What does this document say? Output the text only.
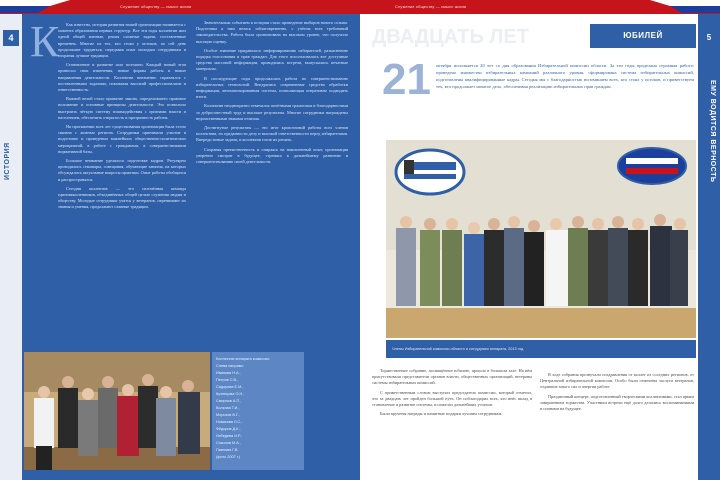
Служение обществу — смысл жизни	Служение обществу — смысл жизни
4
ИСТОРИЯ
К	Как известно, история развития нашей организации начинается с момента образования первых структур. Все эти годы коллектив жил одной общей жизнью, решая сложные задачи, поставленные временем. Многие из тех, кто стоял у истоков, по сей день продолжают трудиться, передавая опыт молодым сотрудникам и сохраняя лучшие традиции.

Становление и развитие шло поэтапно. Каждый новый этап приносил свои изменения, новые формы работы и новые направления деятельности. Коллектив неизменно справлялся с поставленными задачами, показывая высокий профессионализм и ответственность.

Важной вехой стало принятие закона, определившего правовое положение и основные принципы деятельности. Это позволило выстроить чёткую систему взаимодействия с органами власти и населением, обеспечить открытость и прозрачность работы.

На протяжении всех лет существования организация была тесно связана с жизнью региона. Сотрудники принимали участие в подготовке и проведении важнейших общественно-политических мероприятий, в работе с гражданами, в совершенствовании нормативной базы.

Большое внимание уделялось подготовке кадров. Регулярно проводились семинары, совещания, обучающие занятия, на которых обсуждались актуальные вопросы практики. Опыт работы обобщался и распространялся.

Сегодня коллектив — это сплочённая команда единомышленников, объединённых общей целью служения людям и обществу. Молодые сотрудники учатся у ветеранов, перенимают их знания и умения, продолжают славные традиции.

Значительным событием в истории стало проведение выборов нового созыва. Подготовка к ним велась заблаговременно, с учётом всех требований законодательства. Работа была организована на высоком уровне, что получило высокую оценку.

Особое значение придавалось информированию избирателей, разъяснению порядка голосования и прав граждан. Для этого использовались все доступные средства массовой информации, проводились встречи, выпускались печатные материалы.

В последующие годы продолжалась работа по совершенствованию избирательных технологий. Внедрялись современные средства обработки информации, автоматизированная система, позволяющая оперативно подводить итоги.

Коллектив неоднократно отмечался почётными грамотами и благодарностями за добросовестный труд и высокие результаты. Многие сотрудники награждены ведомственными знаками отличия.

Достигнутые результаты — это итог кропотливой работы всех членов коллектива, их преданности делу и высокой ответственности перед избирателями. Впереди новые задачи, и коллектив готов их решать.

Сохраняя преемственность и опираясь на накопленный опыт, организация уверенно смотрит в будущее, стремясь к дальнейшему развитию и совершенствованию своей деятельности.

Коллектив аппарата комиссии
Слева направо:
Иванова Н.А.,
Петров С.В.,
Сидорова Е.М.,
Кузнецова О.Н.,
Смирнов А.П.,
Волкова Т.И.,
Морозов В.Г.,
Новикова Л.С.,
Фёдоров Д.К.,
Лебедева И.Р.,
Соколов М.А.,
Павлова Г.В.
(фото 2007 г.)
5
ЕМУ ВОДИТСЯ ВЕРНОСТЬ
ЮБИЛЕЙ
ДВАДЦАТЬ ЛЕТ
21 октября исполняется 20 лет со дня образования Избирательной комиссии области. За эти годы проделана огромная работа: проведено множество избирательных кампаний различного уровня, сформирована система избирательных комиссий, подготовлены квалифицированные кадры. Сегодня мы с благодарностью вспоминаем всех, кто стоял у истоков, и приветствуем тех, кто продолжает начатое дело, обеспечивая реализацию избирательных прав граждан.
Члены Избирательной комиссии области и сотрудники аппарата, 2013 год

Торжественное собрание, посвящённое юбилею, прошло в большом зале. На нём присутствовали представители органов власти, общественных организаций, ветераны системы избирательных комиссий.

С приветственным словом выступил председатель комиссии, который отметил, что за двадцать лет пройден большой путь. Он поблагодарил всех, кто внёс вклад в становление и развитие системы, и пожелал дальнейших успехов.

Были вручены награды и памятные подарки лучшим сотрудникам.

В ходе собрания прозвучали поздравления от коллег из соседних регионов, от Центральной избирательной комиссии. Особо были отмечены заслуги ветеранов, отдавших много сил и энергии работе.

Праздничный концерт, подготовленный творческими коллективами, стал ярким завершением торжества. Участники встречи ещё долго делились воспоминаниями и планами на будущее.
